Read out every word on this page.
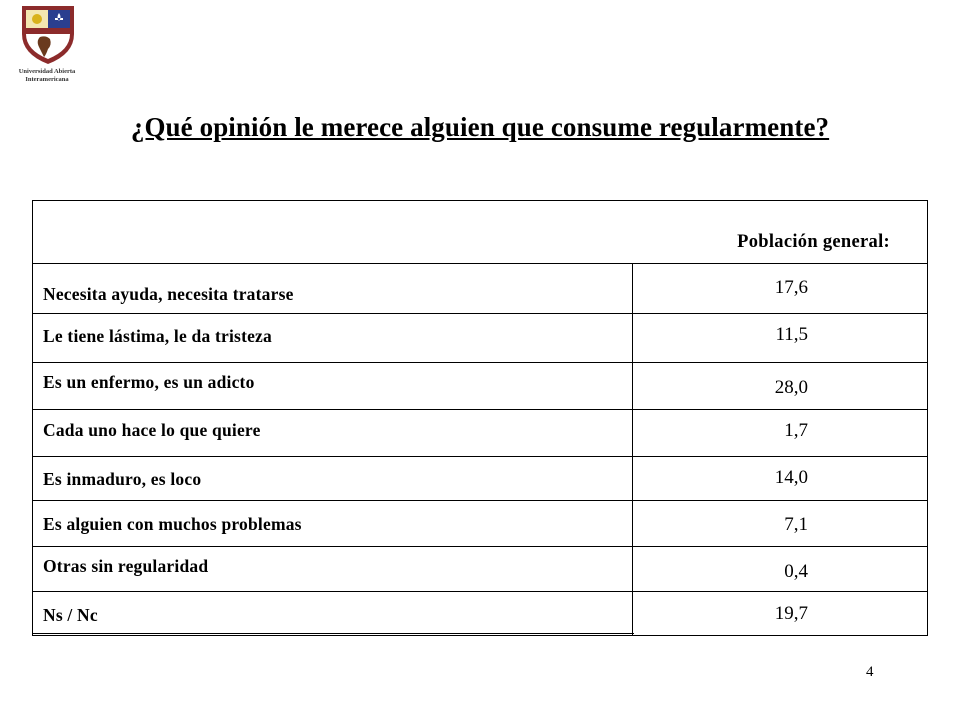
Universidad Abierta
Interamericana
¿Qué opinión le merece alguien que consume regularmente?
Población general:
Necesita ayuda, necesita tratarse
Le tiene lástima, le da tristeza
Es un enfermo, es un adicto
Cada uno hace lo que quiere
Es inmaduro, es loco
Es alguien con muchos problemas
Otras sin regularidad
Ns / Nc
17,6
11,5
28,0
1,7
14,0
7,1
0,4
19,7
4
